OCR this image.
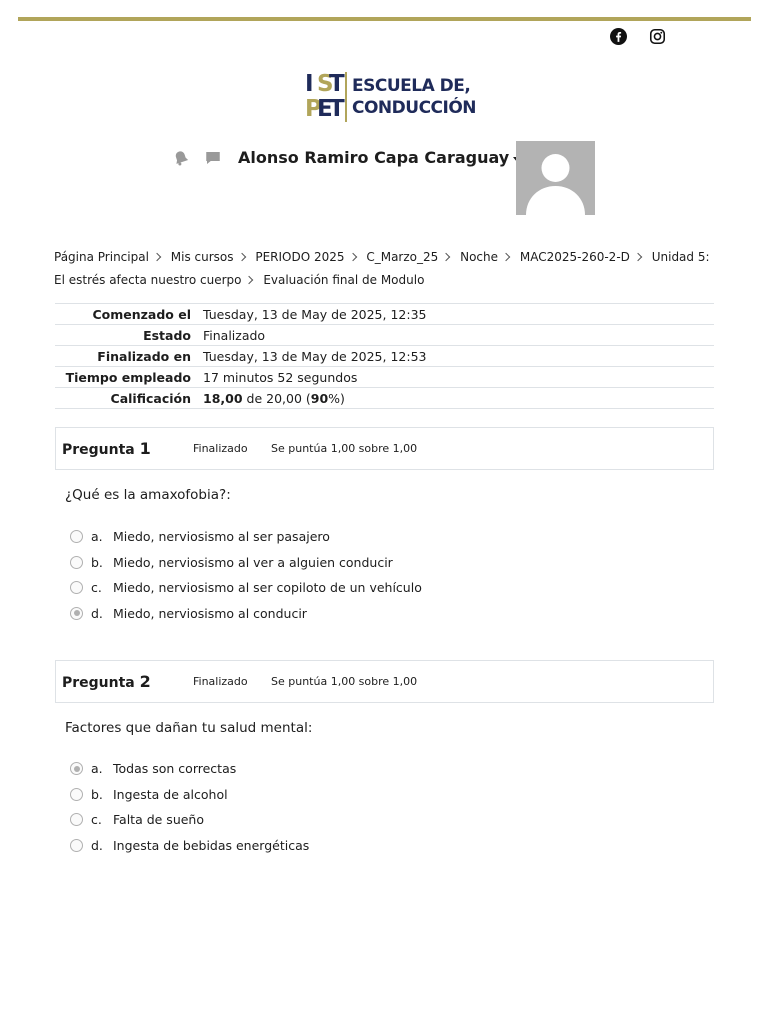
I S
T
P
E
T
ESCUELA DE,
CONDUCCIÓN
Alonso Ramiro Capa Caraguay
Página Principal Mis cursos PERIODO 2025 C_Marzo_25 Noche MAC2025-260-2-D Unidad 5: El estrés afecta nuestro cuerpo Evaluación final de Modulo
Comenzado el	Tuesday, 13 de May de 2025, 12:35
Estado	Finalizado
Finalizado en	Tuesday, 13 de May de 2025, 12:53
Tiempo empleado	17 minutos 52 segundos
Calificación	18,00 de 20,00 (90%)
Pregunta 1	Finalizado	Se puntúa 1,00 sobre 1,00
¿Qué es la amaxofobia?:
a. Miedo, nerviosismo al ser pasajero
b. Miedo, nerviosismo al ver a alguien conducir
c. Miedo, nerviosismo al ser copiloto de un vehículo
d. Miedo, nerviosismo al conducir
Pregunta 2	Finalizado	Se puntúa 1,00 sobre 1,00
Factores que dañan tu salud mental:
a. Todas son correctas
b. Ingesta de alcohol
c. Falta de sueño
d. Ingesta de bebidas energéticas
